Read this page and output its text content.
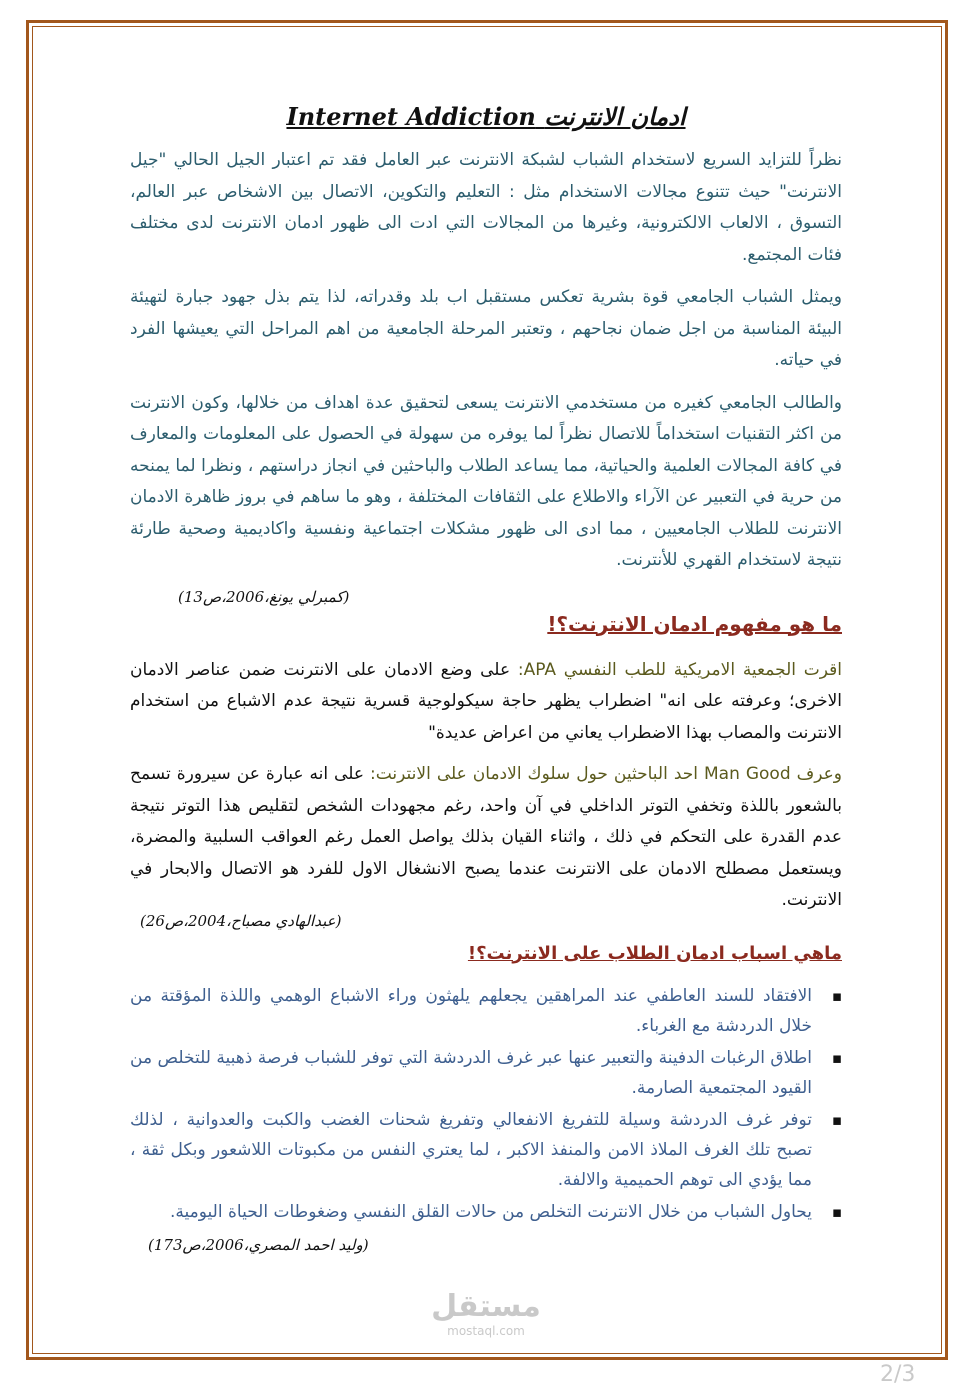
ادمان الانترنت Internet Addiction

نظراً للتزايد السريع لاستخدام الشباب لشبكة الانترنت عبر العامل فقد تم اعتبار الجيل الحالي "جيل الانترنت" حيث تتنوع مجالات الاستخدام مثل : التعليم والتكوين، الاتصال بين الاشخاص عبر العالم، التسوق ، الالعاب الالكترونية، وغيرها من المجالات التي ادت الى ظهور ادمان الانترنت لدى مختلف فئات المجتمع.

ويمثل الشباب الجامعي قوة بشرية تعكس مستقبل اب بلد وقدراته، لذا يتم بذل جهود جبارة لتهيئة البيئة المناسبة من اجل ضمان نجاحهم ، وتعتبر المرحلة الجامعية من اهم المراحل التي يعيشها الفرد في حياته.

والطالب الجامعي كغيره من مستخدمي الانترنت يسعى لتحقيق عدة اهداف من خلالها، وكون الانترنت من اكثر التقنيات استخداماً للاتصال نظراً لما يوفره من سهولة في الحصول على المعلومات والمعارف في كافة المجالات العلمية والحياتية، مما يساعد الطلاب والباحثين في انجاز دراستهم ، ونظرا لما يمنحه من حرية في التعبير عن الآراء والاطلاع على الثقافات المختلفة ، وهو ما ساهم في بروز ظاهرة الادمان الانترنت للطلاب الجامعيين ، مما ادى الى ظهور مشكلات اجتماعية ونفسية واكاديمية وصحية طارئة نتيجة لاستخدام القهري للأنترنت.

ما هو مفهوم ادمان الانترنت؟!

اقرت الجمعية الامريكية للطب النفسي APA: على وضع الادمان على الانترنت ضمن عناصر الادمان الاخرى؛ وعرفته على انه" اضطراب يظهر حاجة سيكولوجية قسرية نتيجة عدم الاشباع من استخدام الانترنت والمصاب بهذا الاضطراب يعاني من اعراض عديدة"

وعرف Man Good احد الباحثين حول سلوك الادمان على الانترنت: على انه عبارة عن سيرورة تسمح بالشعور باللذة وتخفي التوتر الداخلي في آن واحد، رغم مجهودات الشخص لتقليص هذا التوتر نتيجة عدم القدرة على التحكم في ذلك ، واثناء القيان بذلك يواصل العمل رغم العواقب السلبية والمضرة، ويستعمل مصطلح الادمان على الانترنت عندما يصبح الانشغال الاول للفرد هو الاتصال والابحار في الانترنت.

ماهي اسباب ادمان الطلاب على الانترنت؟!
▪ الافتقاد للسند العاطفي عند المراهقين يجعلهم يلهثون وراء الاشباع الوهمي واللذة المؤقتة من خلال الدردشة مع الغرباء.
▪ اطلاق الرغبات الدفينة والتعبير عنها عبر غرف الدردشة التي توفر للشباب فرصة ذهبية للتخلص من القيود المجتمعية الصارمة.
▪ توفر غرف الدردشة وسيلة للتفريغ الانفعالي وتفريغ شحنات الغضب والكبت والعدوانية ، لذلك تصبح تلك الغرف الملاذ الامن والمنفذ الاكبر ، لما يعتري النفس من مكبوتات اللاشعور وبكل ثقة ، مما يؤدي الى توهم الحميمية والالفة.
▪ يحاول الشباب من خلال الانترنت التخلص من حالات القلق النفسي وضغوطات الحياة اليومية.
(كمبرلي يونغ،2006،ص13)
(عبدالهادي مصباح،2004،ص26)
(وليد احمد المصري،2006،ص173)
مستقل
mostaql.com
2/3
